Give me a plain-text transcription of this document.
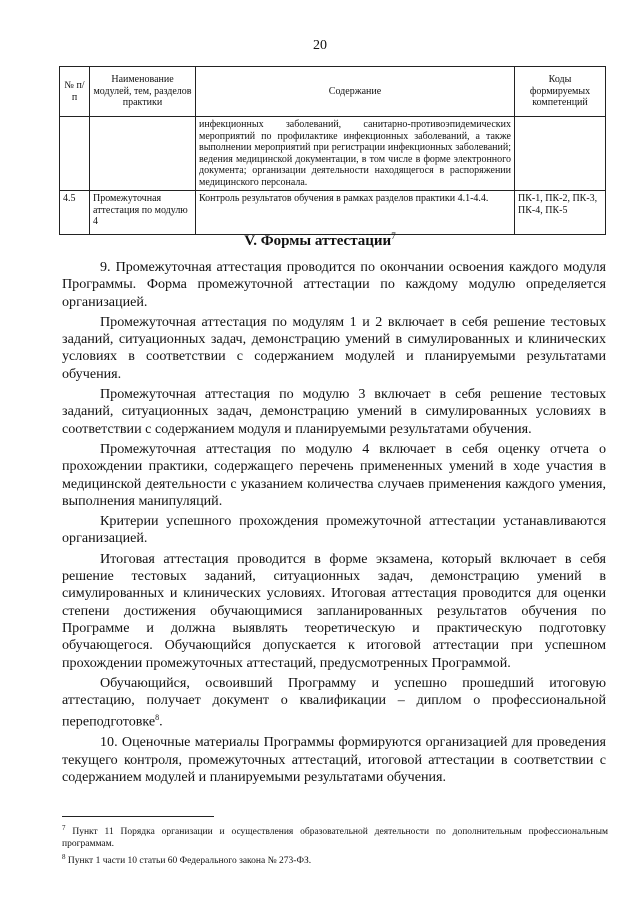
20
№ п/п	Наименование модулей, тем, разделов практики	Содержание	Коды формируемых компетенций
		инфекционных заболеваний, санитарно-противоэпидемических мероприятий по профилактике инфекционных заболеваний, а также выполнении мероприятий при регистрации инфекционных заболеваний; ведения медицинской документации, в том числе в форме электронного документа; организации деятельности находящегося в распоряжении медицинского персонала.	
4.5	Промежуточная аттестация по модулю 4	Контроль результатов обучения в рамках разделов практики 4.1-4.4.	ПК-1, ПК-2, ПК-3, ПК-4, ПК-5
V. Формы аттестации$^7$

9. Промежуточная аттестация проводится по окончании освоения каждого модуля Программы. Форма промежуточной аттестации по каждому модулю определяется организацией.

Промежуточная аттестация по модулям 1 и 2 включает в себя решение тестовых заданий, ситуационных задач, демонстрацию умений в симулированных и клинических условиях в соответствии с содержанием модулей и планируемыми результатами обучения.

Промежуточная аттестация по модулю 3 включает в себя решение тестовых заданий, ситуационных задач, демонстрацию умений в симулированных условиях в соответствии с содержанием модуля и планируемыми результатами обучения.

Промежуточная аттестация по модулю 4 включает в себя оценку отчета о прохождении практики, содержащего перечень примененных умений в ходе участия в медицинской деятельности с указанием количества случаев применения каждого умения, выполнения манипуляций.

Критерии успешного прохождения промежуточной аттестации устанавливаются организацией.

Итоговая аттестация проводится в форме экзамена, который включает в себя решение тестовых заданий, ситуационных задач, демонстрацию умений в симулированных и клинических условиях. Итоговая аттестация проводится для оценки степени достижения обучающимися запланированных результатов обучения по Программе и должна выявлять теоретическую и практическую подготовку обучающегося. Обучающийся допускается к итоговой аттестации при успешном прохождении промежуточных аттестаций, предусмотренных Программой.

Обучающийся, освоивший Программу и успешно прошедший итоговую аттестацию, получает документ о квалификации – диплом о профессиональной переподготовке$^8$.

10. Оценочные материалы Программы формируются организацией для проведения текущего контроля, промежуточных аттестаций, итоговой аттестации в соответствии с содержанием модулей и планируемыми результатами обучения.

$^7$ Пункт 11 Порядка организации и осуществления образовательной деятельности по дополнительным профессиональным программам.

$^8$ Пункт 1 части 10 статьи 60 Федерального закона № 273-ФЗ.
